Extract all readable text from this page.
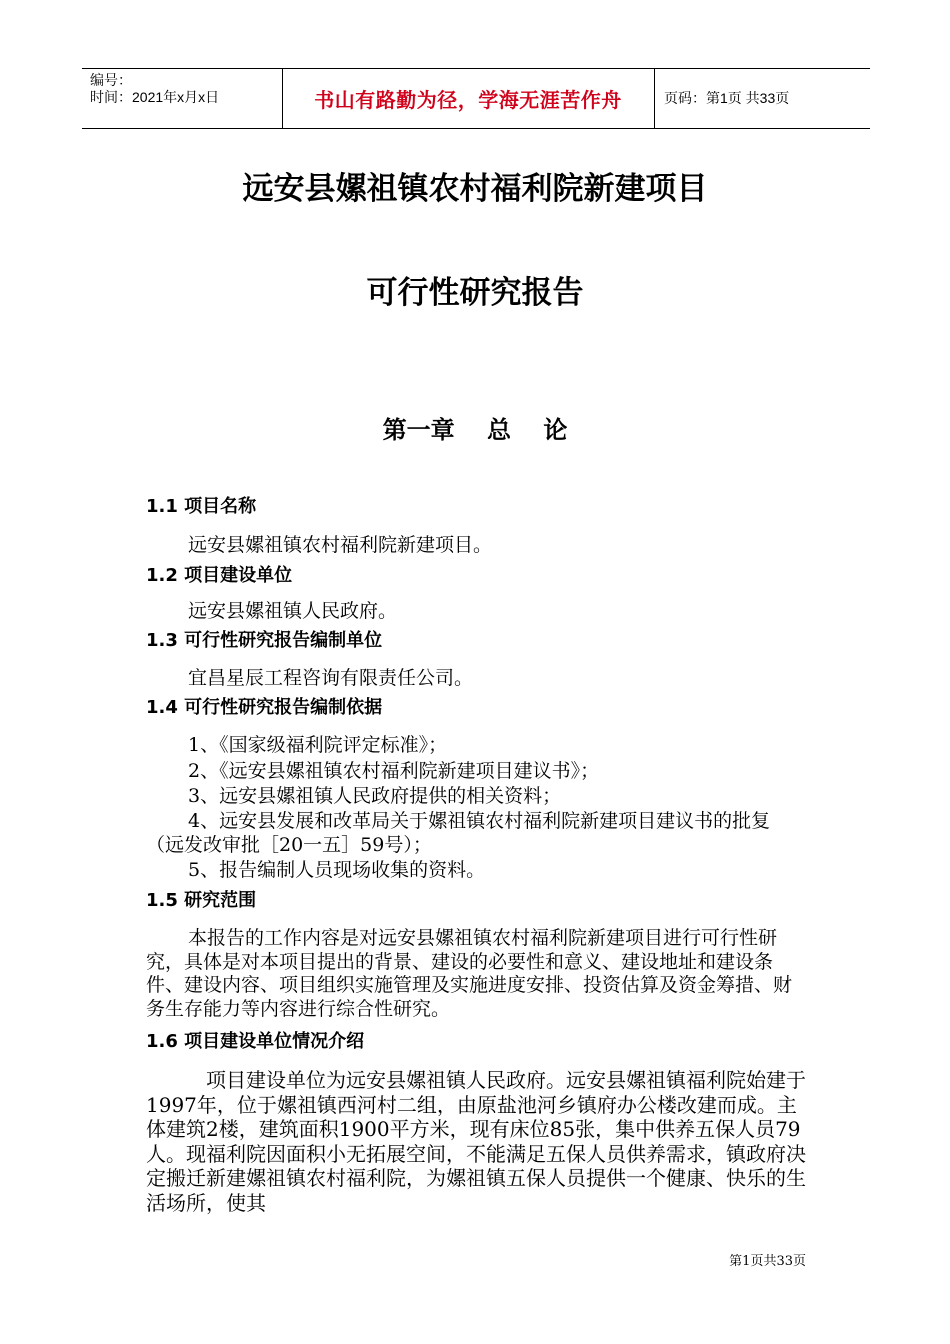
编号：
时间：2021年x月x日	书山有路勤为径，学海无涯苦作舟	页码：第1页 共33页
远安县嫘祖镇农村福利院新建项目
可行性研究报告
第一章　 总　 论
1.1 项目名称
远安县嫘祖镇农村福利院新建项目。
1.2 项目建设单位
远安县嫘祖镇人民政府。
1.3 可行性研究报告编制单位
宜昌星辰工程咨询有限责任公司。
1.4 可行性研究报告编制依据
1、《国家级福利院评定标准》；
2、《远安县嫘祖镇农村福利院新建项目建议书》；
3、远安县嫘祖镇人民政府提供的相关资料；
4、远安县发展和改革局关于嫘祖镇农村福利院新建项目建议书的批复（远发改审批［20一五］59号）；
5、报告编制人员现场收集的资料。
1.5 研究范围
本报告的工作内容是对远安县嫘祖镇农村福利院新建项目进行可行性研究，具体是对本项目提出的背景、建设的必要性和意义、建设地址和建设条件、建设内容、项目组织实施管理及实施进度安排、投资估算及资金筹措、财务生存能力等内容进行综合性研究。
1.6 项目建设单位情况介绍
项目建设单位为远安县嫘祖镇人民政府。远安县嫘祖镇福利院始建于1997年，位于嫘祖镇西河村二组，由原盐池河乡镇府办公楼改建而成。主体建筑2楼，建筑面积1900平方米，现有床位85张，集中供养五保人员79人。现福利院因面积小无拓展空间，不能满足五保人员供养需求，镇政府决定搬迁新建嫘祖镇农村福利院，为嫘祖镇五保人员提供一个健康、快乐的生活场所，使其
第1页共33页
